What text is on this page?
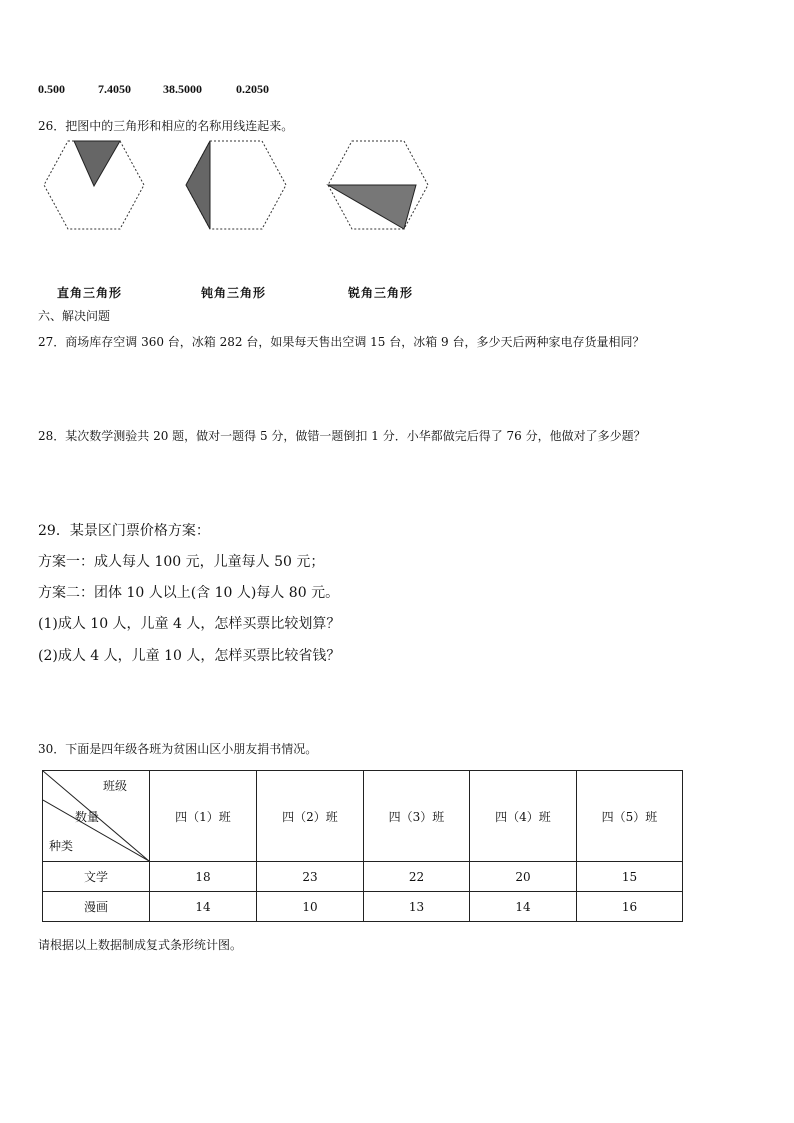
0.500	7.4050	38.5000	0.2050
26．把图中的三角形和相应的名称用线连起来。
直角三角形	钝角三角形	锐角三角形
六、解决问题
27．商场库存空调 360 台，冰箱 282 台，如果每天售出空调 15 台，冰箱 9 台，多少天后两种家电存货量相同？
28．某次数学测验共 20 题，做对一题得 5 分，做错一题倒扣 1 分．小华都做完后得了 76 分，他做对了多少题？
29．某景区门票价格方案：
方案一：成人每人 100 元，儿童每人 50 元；
方案二：团体 10 人以上(含 10 人)每人 80 元。
(1)成人 10 人，儿童 4 人，怎样买票比较划算？
(2)成人 4 人，儿童 10 人，怎样买票比较省钱？
30．下面是四年级各班为贫困山区小朋友捐书情况。
班级
数量
种类	四（1）班	四（2）班	四（3）班	四（4）班	四（5）班
文学	18	23	22	20	15
漫画	14	10	13	14	16
请根据以上数据制成复式条形统计图。
